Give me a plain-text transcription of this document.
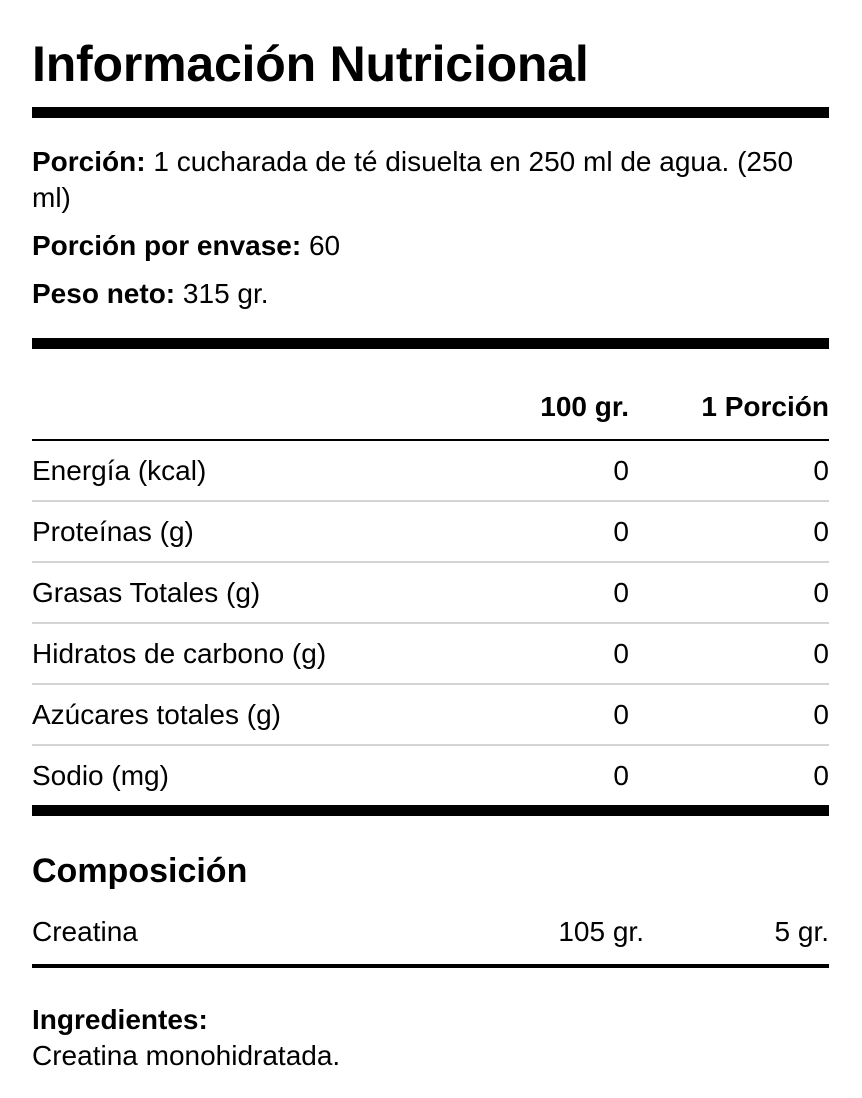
Información Nutricional

Porción: 1 cucharada de té disuelta en 250 ml de agua. (250 ml)

Porción por envase: 60

Peso neto: 315 gr.

	100 gr.	1 Porción
Energía (kcal)	0	0
Proteínas (g)	0	0
Grasas Totales (g)	0	0
Hidratos de carbono (g)	0	0
Azúcares totales (g)	0	0
Sodio (mg)	0	0
Composición
Creatina	105 gr.	5 gr.

Ingredientes:

Creatina monohidratada.
